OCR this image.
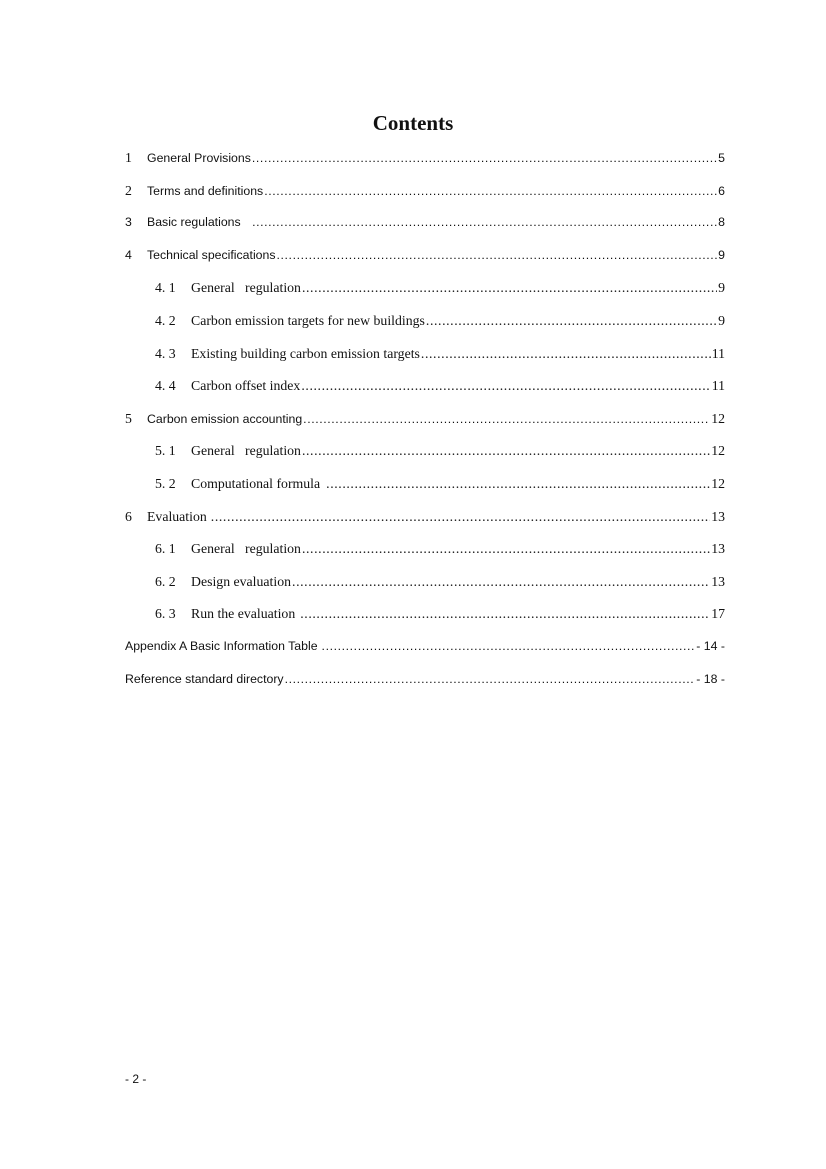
Contents
1	General Provisions .....	5
2	Terms and definitions .....	6
3	Basic regulations .....	8
4	Technical specifications .....	9
4. 1	General   regulation .....	9
4. 2	Carbon emission targets for new buildings .....	9
4. 3	Existing building carbon emission targets .....	11
4. 4	Carbon offset index .....	11
5	Carbon emission accounting .....	12
5. 1	General   regulation .....	12
5. 2	Computational formula .....	12
6	Evaluation .....	13
6. 1	General   regulation .....	13
6. 2	Design evaluation .....	13
6. 3	Run the evaluation .....	17
Appendix A Basic Information Table .....	- 14 -
Reference standard directory .....	- 18 -
- 2 -
